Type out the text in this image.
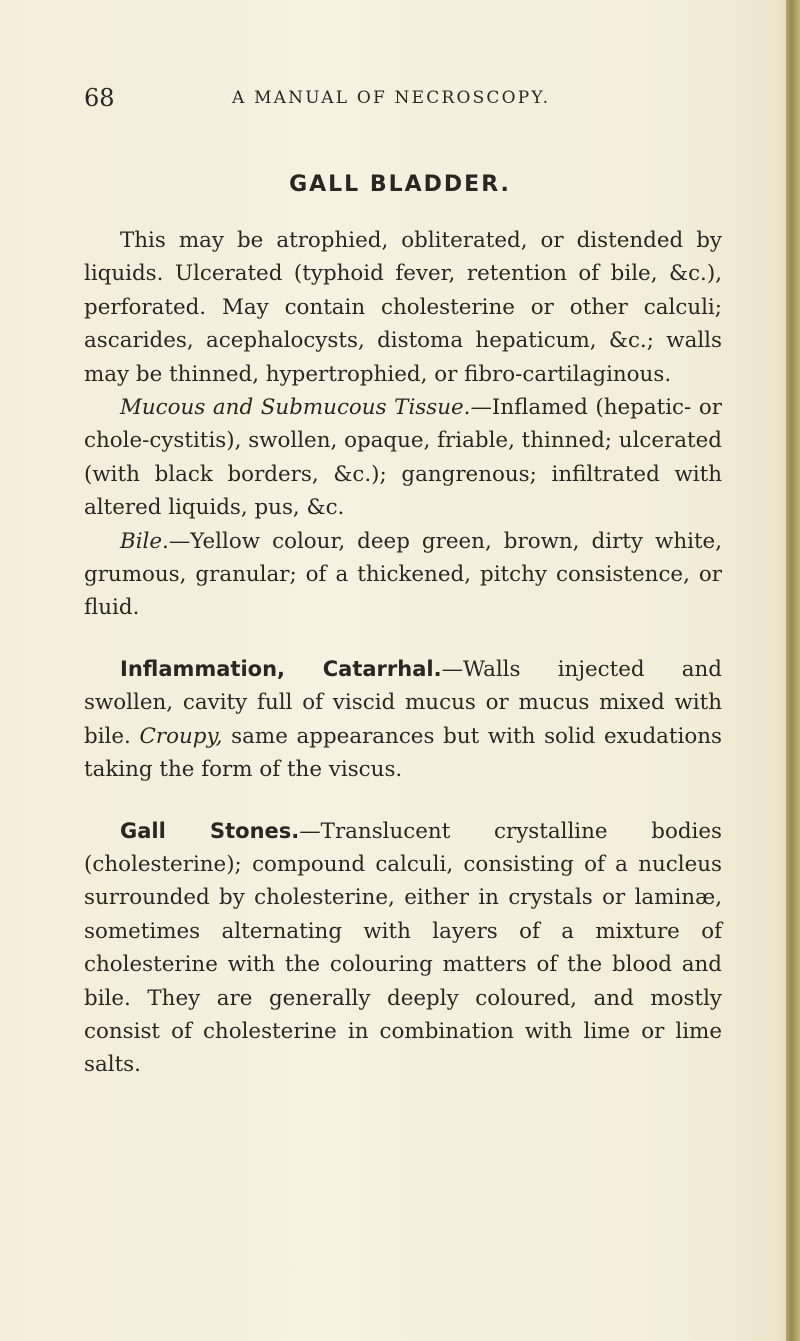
68	A MANUAL OF NECROSCOPY.
GALL BLADDER.

This may be atrophied, obliterated, or distended by liquids. Ulcerated (typhoid fever, retention of bile, &c.), perforated. May contain cholesterine or other calculi; ascarides, acephalocysts, distoma hepaticum, &c.; walls may be thinned, hypertrophied, or fibro-cartilaginous.

Mucous and Submucous Tissue.—Inflamed (hepatic- or chole-cystitis), swollen, opaque, friable, thinned; ulcerated (with black borders, &c.); gangrenous; infiltrated with altered liquids, pus, &c.

Bile.—Yellow colour, deep green, brown, dirty white, grumous, granular; of a thickened, pitchy consistence, or fluid.

Inflammation, Catarrhal.—Walls injected and swollen, cavity full of viscid mucus or mucus mixed with bile. Croupy, same appearances but with solid exudations taking the form of the viscus.

Gall Stones.—Translucent crystalline bodies (cholesterine); compound calculi, consisting of a nucleus surrounded by cholesterine, either in crystals or laminæ, sometimes alternating with layers of a mixture of cholesterine with the colouring matters of the blood and bile. They are generally deeply coloured, and mostly consist of cholesterine in combination with lime or lime salts.
